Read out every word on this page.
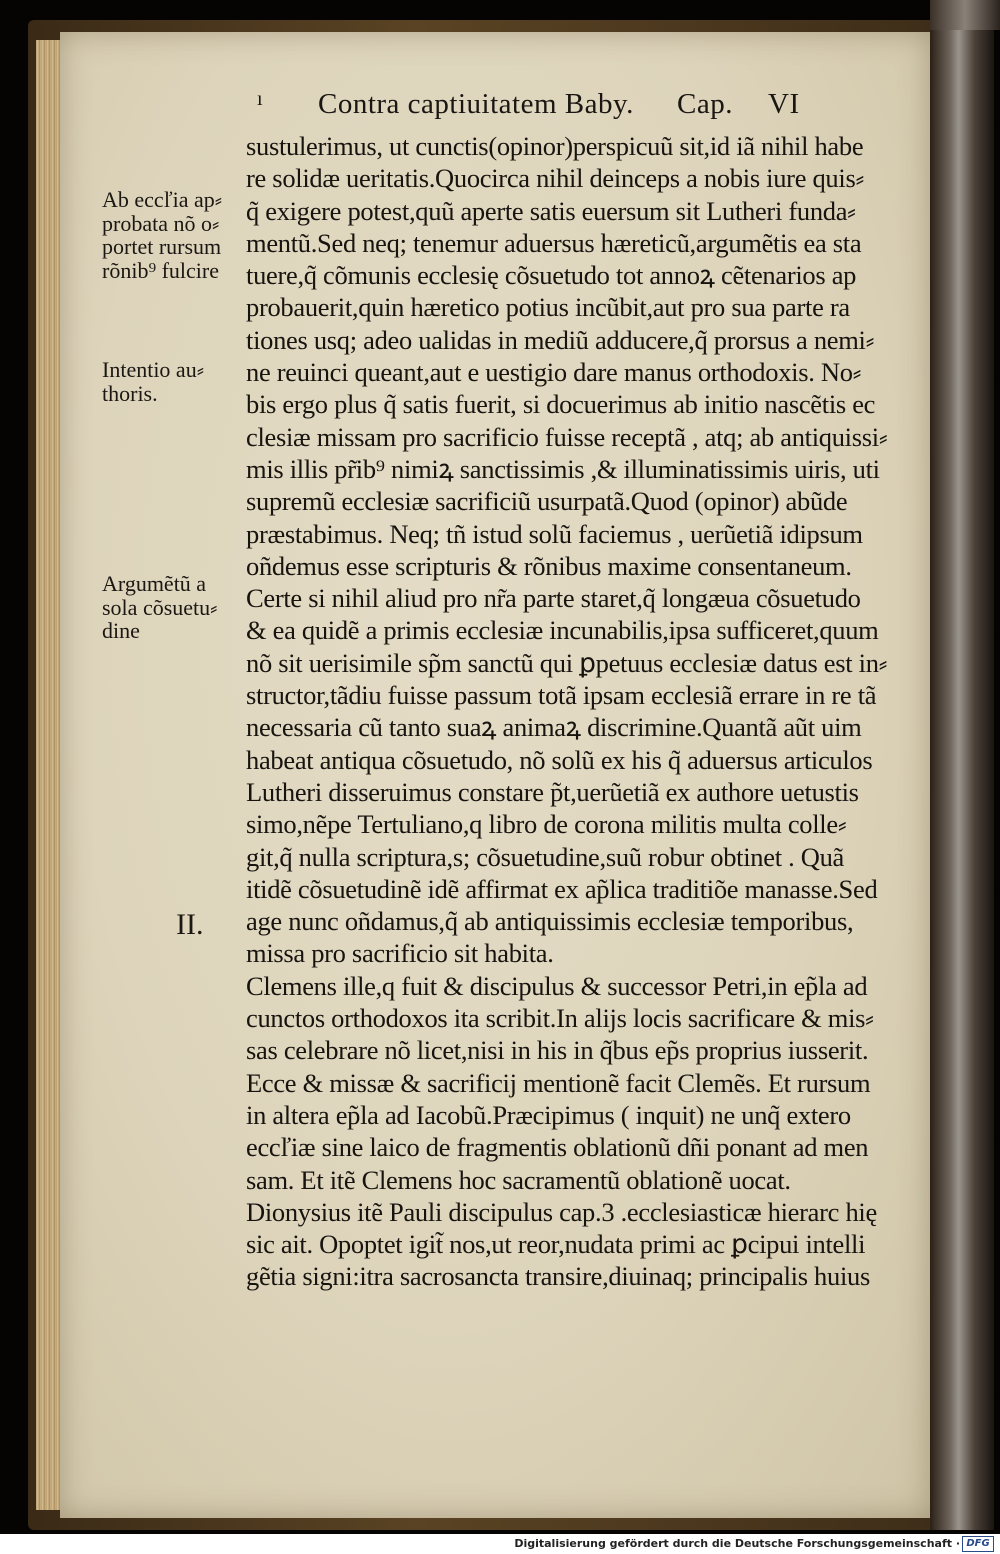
ı Contra captiuitatem Baby. Cap. VI
Ab eccľia ap⸗
probata nõ o⸗
portet rursum
rõnib⁹ fulcire
Intentio au⸗
thoris.
Argumẽtũ a
sola cõsuetu⸗
dine
II.
sustulerimus, ut cunctis(opinor)perspicuũ sit,id iã nihil habe
re solidæ ueritatis.Quocirca nihil deinceps a nobis iure quis⸗
q̃ exigere potest,quũ aperte satis euersum sit Lutheri funda⸗
mentũ.Sed neq; tenemur aduersus hæreticũ,argumẽtis ea sta
tuere,q̃ cõmunis ecclesię cõsuetudo tot annoꝝ cẽtenarios ap
probauerit,quin hæretico potius incũbit,aut pro sua parte ra
tiones usq; adeo ualidas in mediũ adducere,q̃ prorsus a nemi⸗
ne reuinci queant,aut e uestigio dare manus orthodoxis. No⸗
bis ergo plus q̃ satis fuerit, si docuerimus ab initio nascẽtis ec
clesiæ missam pro sacrificio fuisse receptã , atq; ab antiquissi⸗
mis illis pr̃ib⁹ nimiꝝ sanctissimis ,& illuminatissimis uiris, uti
supremũ ecclesiæ sacrificiũ usurpatã.Quod (opinor) abũde
præstabimus. Neq; tñ istud solũ faciemus , uerũetiã idipsum
oñdemus esse scripturis & rõnibus maxime consentaneum.
Certe si nihil aliud pro nr̃a parte staret,q̃ longæua cõsuetudo
& ea quidẽ a primis ecclesiæ incunabilis,ipsa sufficeret,quum
nõ sit uerisimile sp̃m sanctũ qui ꝑpetuus ecclesiæ datus est in⸗
structor,tãdiu fuisse passum totã ipsam ecclesiã errare in re tã
necessaria cũ tanto suaꝝ animaꝝ discrimine.Quantã aũt uim
habeat antiqua cõsuetudo, nõ solũ ex his q̃ aduersus articulos
Lutheri disseruimus constare p̃t,uerũetiã ex authore uetustis
simo,nẽpe Tertuliano,q libro de corona militis multa colle⸗
git,q̃ nulla scriptura,s; cõsuetudine,suũ robur obtinet . Quã
itidẽ cõsuetudinẽ idẽ affirmat ex ap̃lica traditiõe manasse.Sed
age nunc oñdamus,q̃ ab antiquissimis ecclesiæ temporibus,
missa pro sacrificio sit habita.
Clemens ille,q fuit & discipulus & successor Petri,in ep̃la ad
cunctos orthodoxos ita scribit.In alijs locis sacrificare & mis⸗
sas celebrare nõ licet,nisi in his in q̃bus ep̃s proprius iusserit.
Ecce & missæ & sacrificij mentionẽ facit Clemẽs. Et rursum
in altera ep̃la ad Iacobũ.Præcipimus ( inquit) ne unq̃ extero
eccľiæ sine laico de fragmentis oblationũ dñi ponant ad men
sam. Et itẽ Clemens hoc sacramentũ oblationẽ uocat.
Dionysius itẽ Pauli discipulus cap.3 .ecclesiasticæ hierarc hię
sic ait. Opoptet igit̃ nos,ut reor,nudata primi ac ꝑcipui intelli
gẽtia signi:itra sacrosancta transire,diuinaq; principalis huius
Digitalisierung gefördert durch die Deutsche Forschungsgemeinschaft · DFG
